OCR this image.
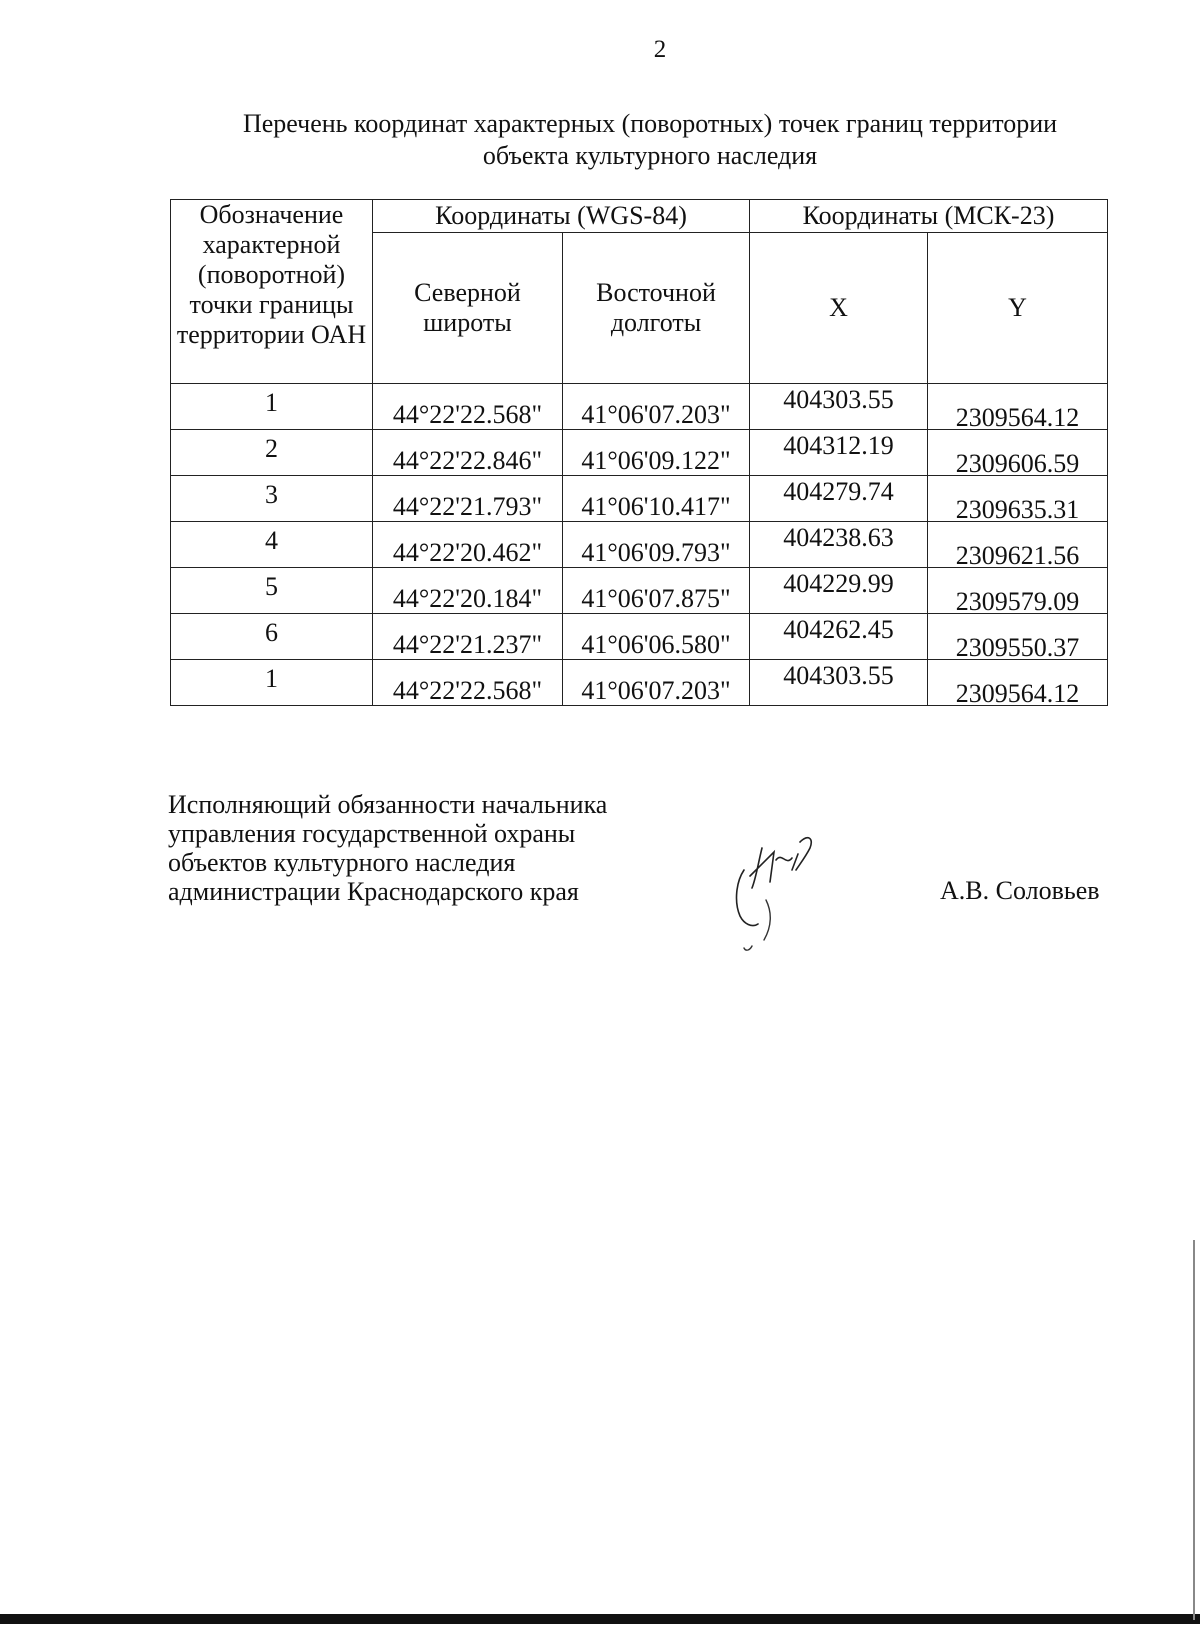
2
Перечень координат характерных (поворотных) точек границ территории
объекта культурного наследия
Обозначение характерной (поворотной) точки границы территории ОАН	Координаты (WGS-84)		Координаты (МСК-23)	
	Северной широты	Восточной долготы	X	Y

1	44°22'22.568"	41°06'07.203"	404303.55	2309564.12

2	44°22'22.846"	41°06'09.122"	404312.19	2309606.59

3	44°22'21.793"	41°06'10.417"	404279.74	2309635.31

4	44°22'20.462"	41°06'09.793"	404238.63	2309621.56

5	44°22'20.184"	41°06'07.875"	404229.99	2309579.09

6	44°22'21.237"	41°06'06.580"	404262.45	2309550.37

1	44°22'22.568"	41°06'07.203"	404303.55	2309564.12
Исполняющий обязанности начальника
управления государственной охраны
объектов культурного наследия
администрации Краснодарского края	А.В. Соловьев
